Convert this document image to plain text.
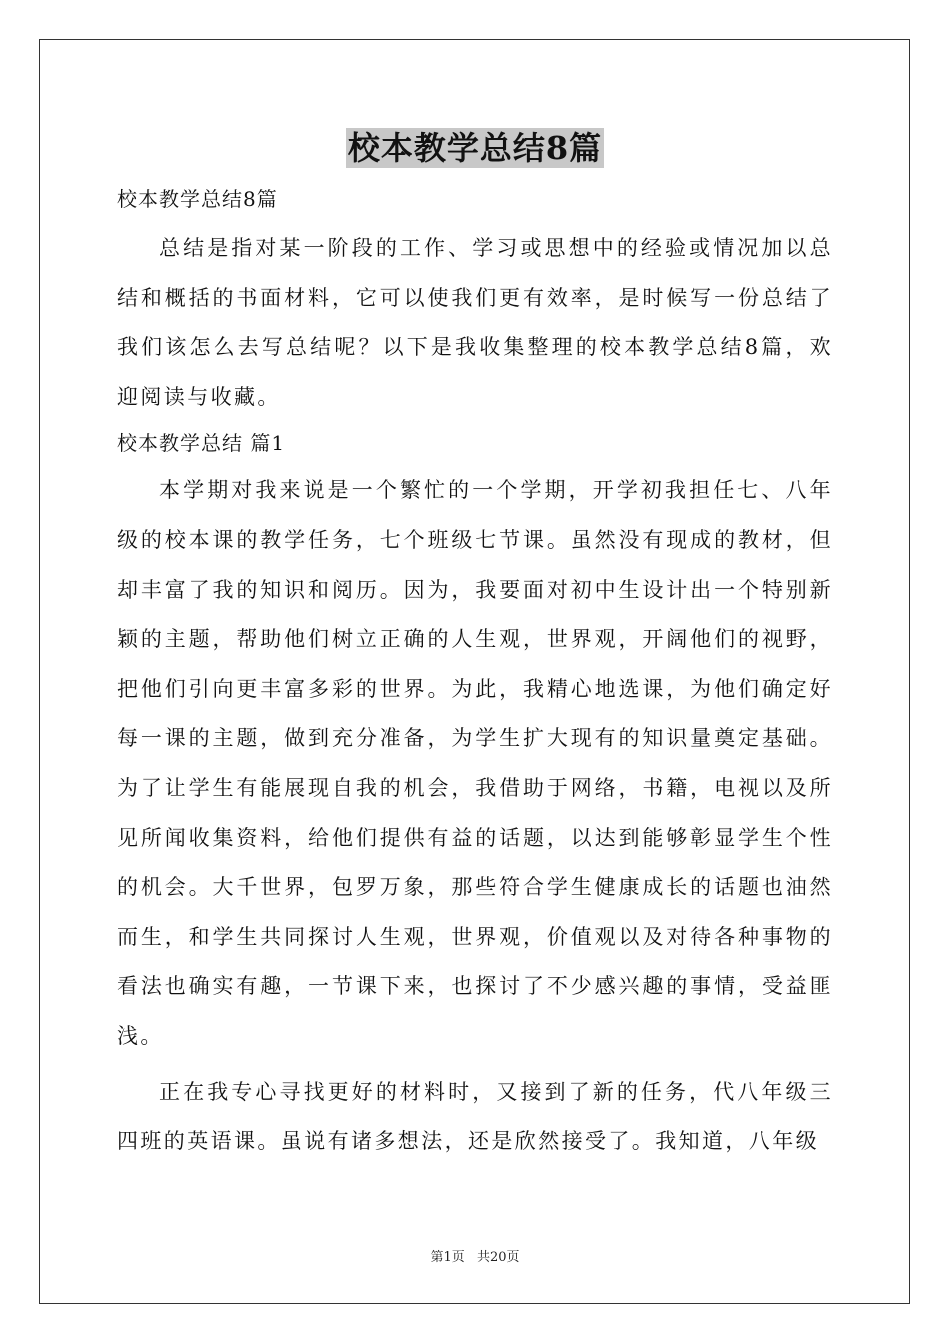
校本教学总结8篇
校本教学总结8篇

总结是指对某一阶段的工作、学习或思想中的经验或情况加以总结和概括的书面材料，它可以使我们更有效率，是时候写一份总结了我们该怎么去写总结呢？以下是我收集整理的校本教学总结8篇，欢迎阅读与收藏。

校本教学总结 篇1

本学期对我来说是一个繁忙的一个学期，开学初我担任七、八年级的校本课的教学任务，七个班级七节课。虽然没有现成的教材，但却丰富了我的知识和阅历。因为，我要面对初中生设计出一个特别新颖的主题，帮助他们树立正确的人生观，世界观，开阔他们的视野，把他们引向更丰富多彩的世界。为此，我精心地选课，为他们确定好每一课的主题，做到充分准备，为学生扩大现有的知识量奠定基础。为了让学生有能展现自我的机会，我借助于网络，书籍，电视以及所见所闻收集资料，给他们提供有益的话题，以达到能够彰显学生个性的机会。大千世界，包罗万象，那些符合学生健康成长的话题也油然而生，和学生共同探讨人生观，世界观，价值观以及对待各种事物的看法也确实有趣，一节课下来，也探讨了不少感兴趣的事情，受益匪浅。

正在我专心寻找更好的材料时，又接到了新的任务，代八年级三四班的英语课。虽说有诸多想法，还是欣然接受了。我知道，八年级

第1页 共20页
